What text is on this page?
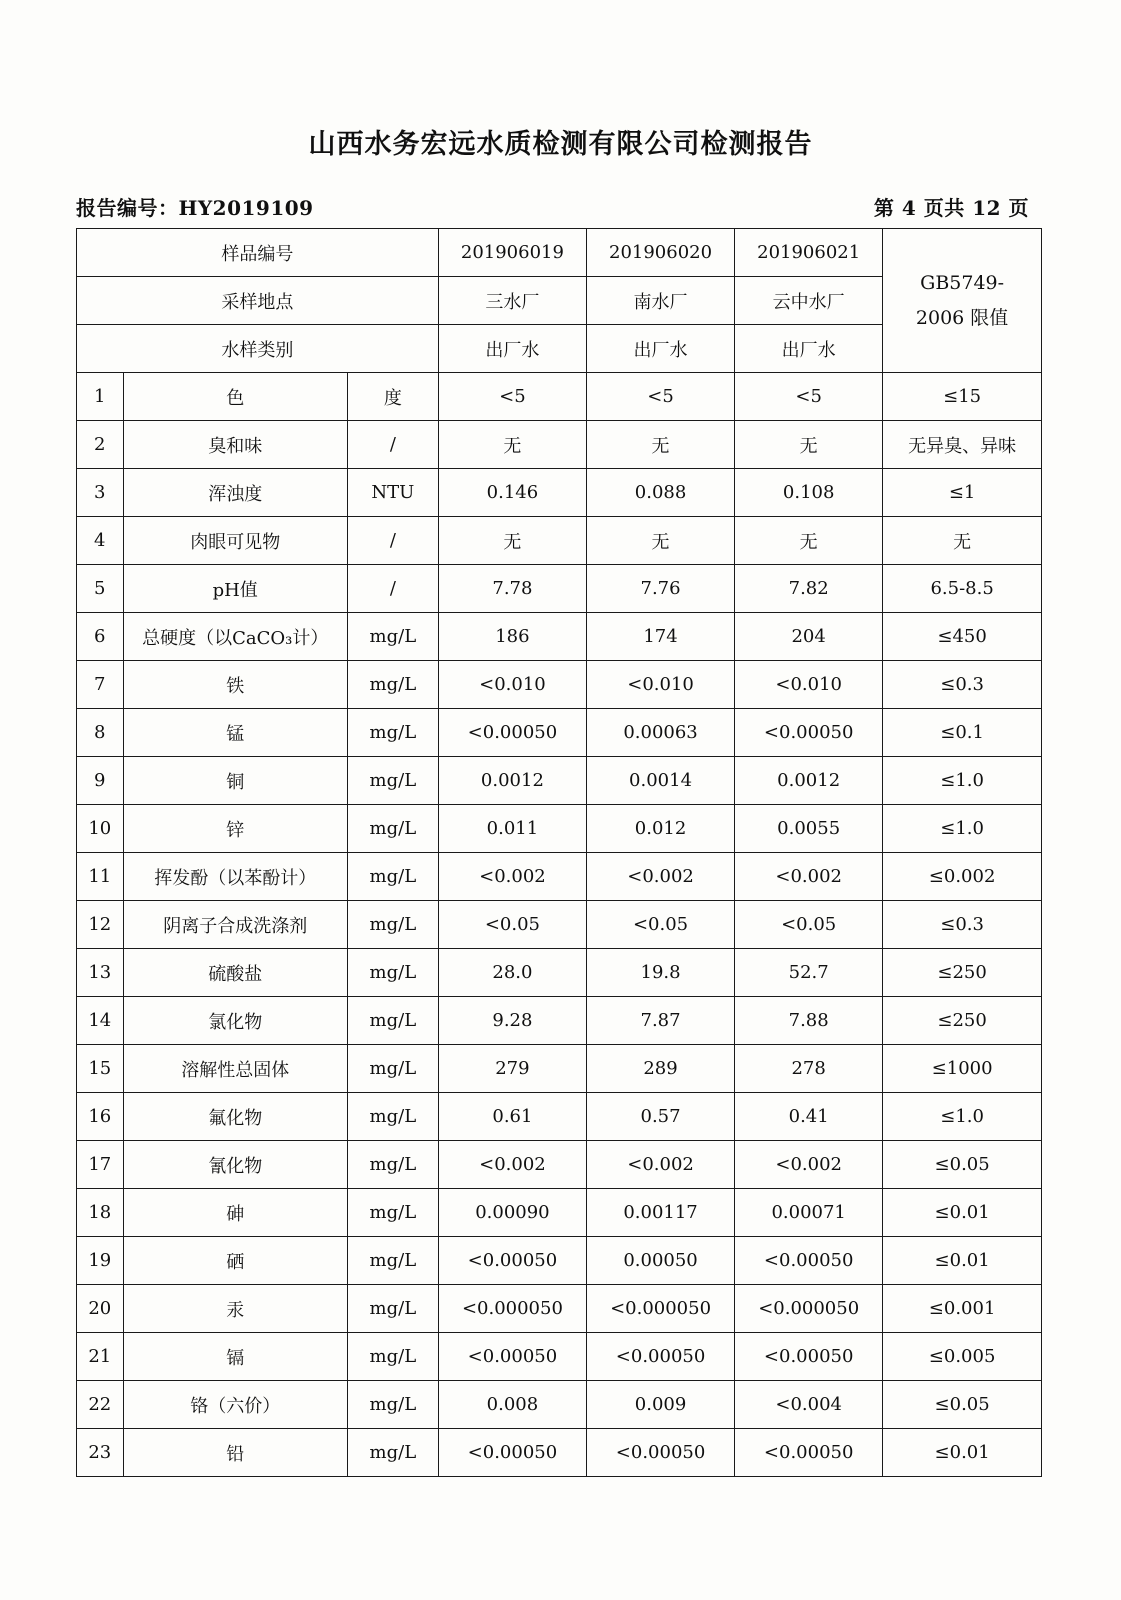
山西水务宏远水质检测有限公司检测报告
报告编号：HY2019109	第 4 页共 12 页
样品编号			201906019	201906020	201906021	GB5749-
2006 限值

采样地点			三水厂	南水厂	云中水厂	
水样类别			出厂水	出厂水	出厂水	
1	色	度	<5	<5	<5	≤15
2	臭和味	/	无	无	无	无异臭、异味
3	浑浊度	NTU	0.146	0.088	0.108	≤1
4	肉眼可见物	/	无	无	无	无
5	pH值	/	7.78	7.76	7.82	6.5-8.5
6	总硬度（以CaCO₃计）	mg/L	186	174	204	≤450
7	铁	mg/L	<0.010	<0.010	<0.010	≤0.3
8	锰	mg/L	<0.00050	0.00063	<0.00050	≤0.1
9	铜	mg/L	0.0012	0.0014	0.0012	≤1.0
10	锌	mg/L	0.011	0.012	0.0055	≤1.0
11	挥发酚（以苯酚计）	mg/L	<0.002	<0.002	<0.002	≤0.002
12	阴离子合成洗涤剂	mg/L	<0.05	<0.05	<0.05	≤0.3
13	硫酸盐	mg/L	28.0	19.8	52.7	≤250
14	氯化物	mg/L	9.28	7.87	7.88	≤250
15	溶解性总固体	mg/L	279	289	278	≤1000
16	氟化物	mg/L	0.61	0.57	0.41	≤1.0
17	氰化物	mg/L	<0.002	<0.002	<0.002	≤0.05
18	砷	mg/L	0.00090	0.00117	0.00071	≤0.01
19	硒	mg/L	<0.00050	0.00050	<0.00050	≤0.01
20	汞	mg/L	<0.000050	<0.000050	<0.000050	≤0.001
21	镉	mg/L	<0.00050	<0.00050	<0.00050	≤0.005
22	铬（六价）	mg/L	0.008	0.009	<0.004	≤0.05
23	铅	mg/L	<0.00050	<0.00050	<0.00050	≤0.01
